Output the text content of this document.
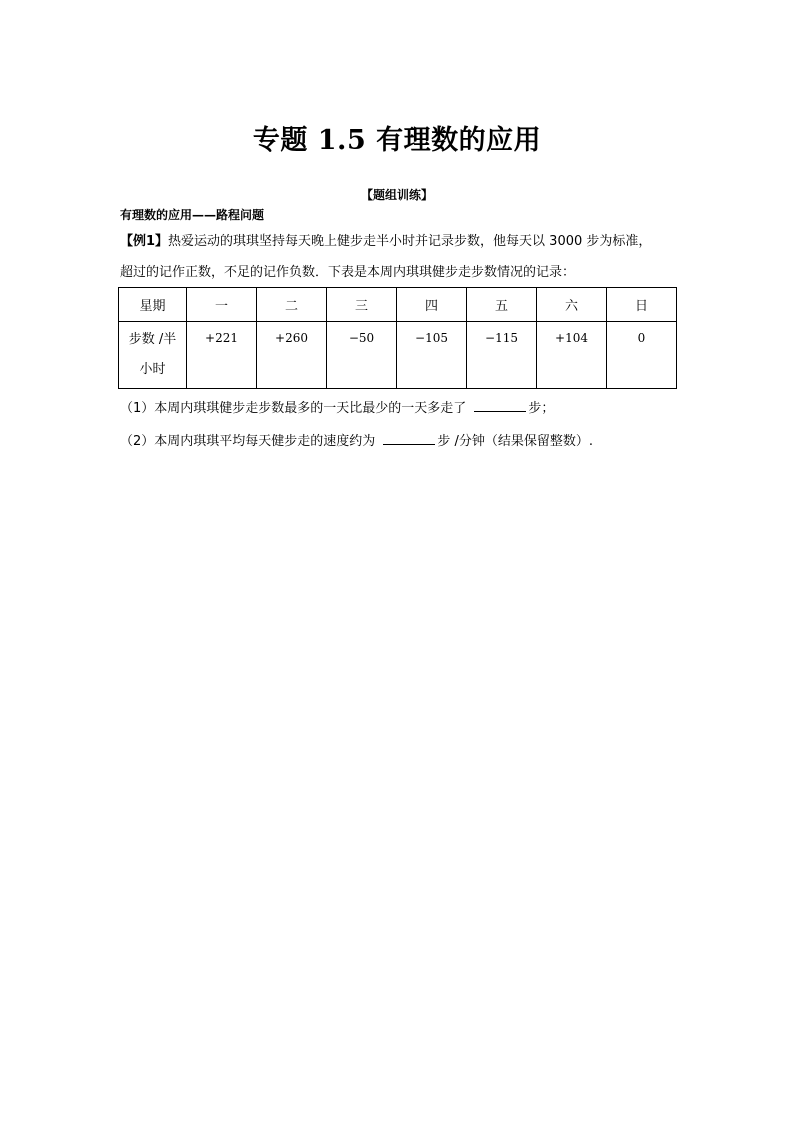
专题 1.5 有理数的应用
【题组训练】
有理数的应用——路程问题
【例1】热爱运动的琪琪坚持每天晚上健步走半小时并记录步数，他每天以 3000 步为标准，
超过的记作正数，不足的记作负数．下表是本周内琪琪健步走步数情况的记录：
星期	一	二	三	四	五	六	日

步数 /半
小时	+221	+260	−50	−105	−115	+104	0
（1）本周内琪琪健步走步数最多的一天比最少的一天多走了	步；
（2）本周内琪琪平均每天健步走的速度约为	步 /分钟（结果保留整数）.
